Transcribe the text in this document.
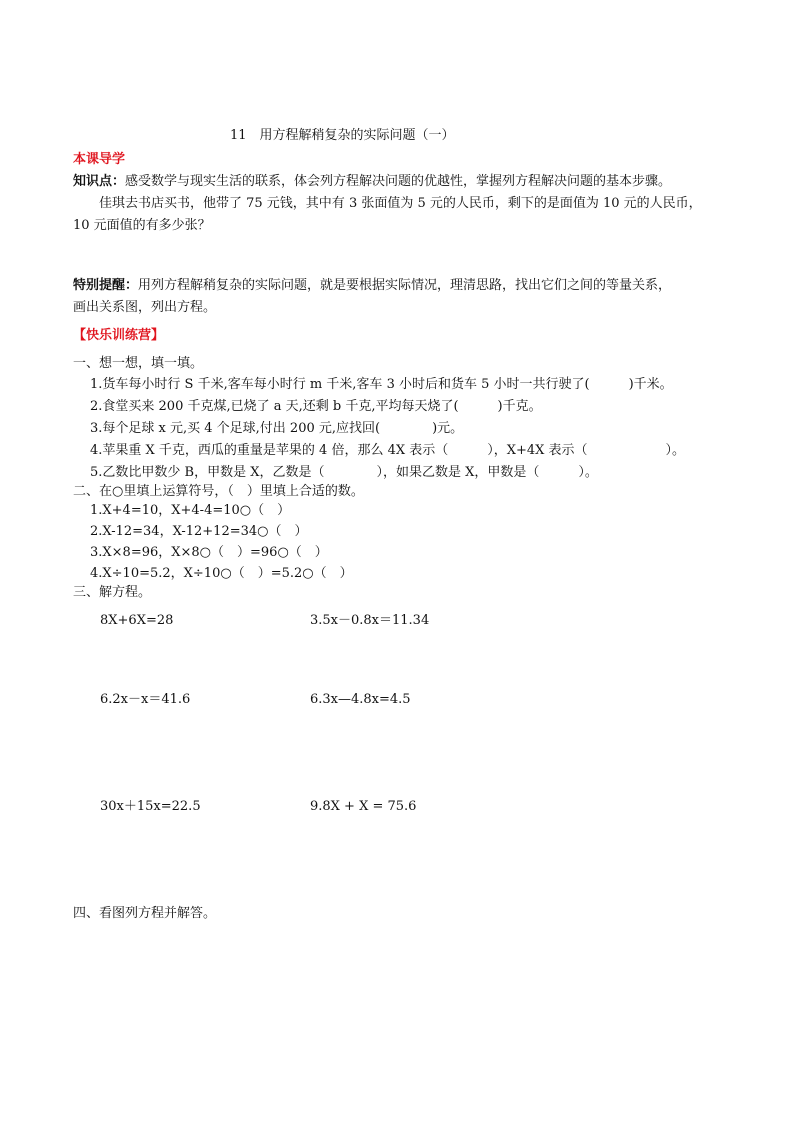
11　用方程解稍复杂的实际问题（一）
本课导学
知识点：感受数学与现实生活的联系，体会列方程解决问题的优越性，掌握列方程解决问题的基本步骤。
佳琪去书店买书，他带了 75 元钱，其中有 3 张面值为 5 元的人民币，剩下的是面值为 10 元的人民币，
10 元面值的有多少张？
特别提醒：用列方程解稍复杂的实际问题，就是要根据实际情况，理清思路，找出它们之间的等量关系，
画出关系图，列出方程。
【快乐训练营】
一、想一想，填一填。
1.货车每小时行 S 千米,客车每小时行 m 千米,客车 3 小时后和货车 5 小时一共行驶了(　　　)千米。
2.食堂买来 200 千克煤,已烧了 a 天,还剩 b 千克,平均每天烧了(　　　)千克。
3.每个足球 x 元,买 4 个足球,付出 200 元,应找回(　　　　)元。
4.苹果重 X 千克，西瓜的重量是苹果的 4 倍，那么 4X 表示（　　　），X+4X 表示（　　　　　　）。
5.乙数比甲数少 B，甲数是 X，乙数是（　　　　），如果乙数是 X，甲数是（　　　）。
二、在○里填上运算符号，（　）里填上合适的数。
1.X+4=10，X+4-4=10○（　）
2.X-12=34，X-12+12=34○（　）
3.X×8=96，X×8○（　）=96○（　）
4.X÷10=5.2，X÷10○（　）=5.2○（　）
三、解方程。
8X+6X=28	3.5x－0.8x＝11.34
6.2x－x＝41.6	6.3x—4.8x=4.5
30x＋15x=22.5	9.8X + X = 75.6
四、看图列方程并解答。
